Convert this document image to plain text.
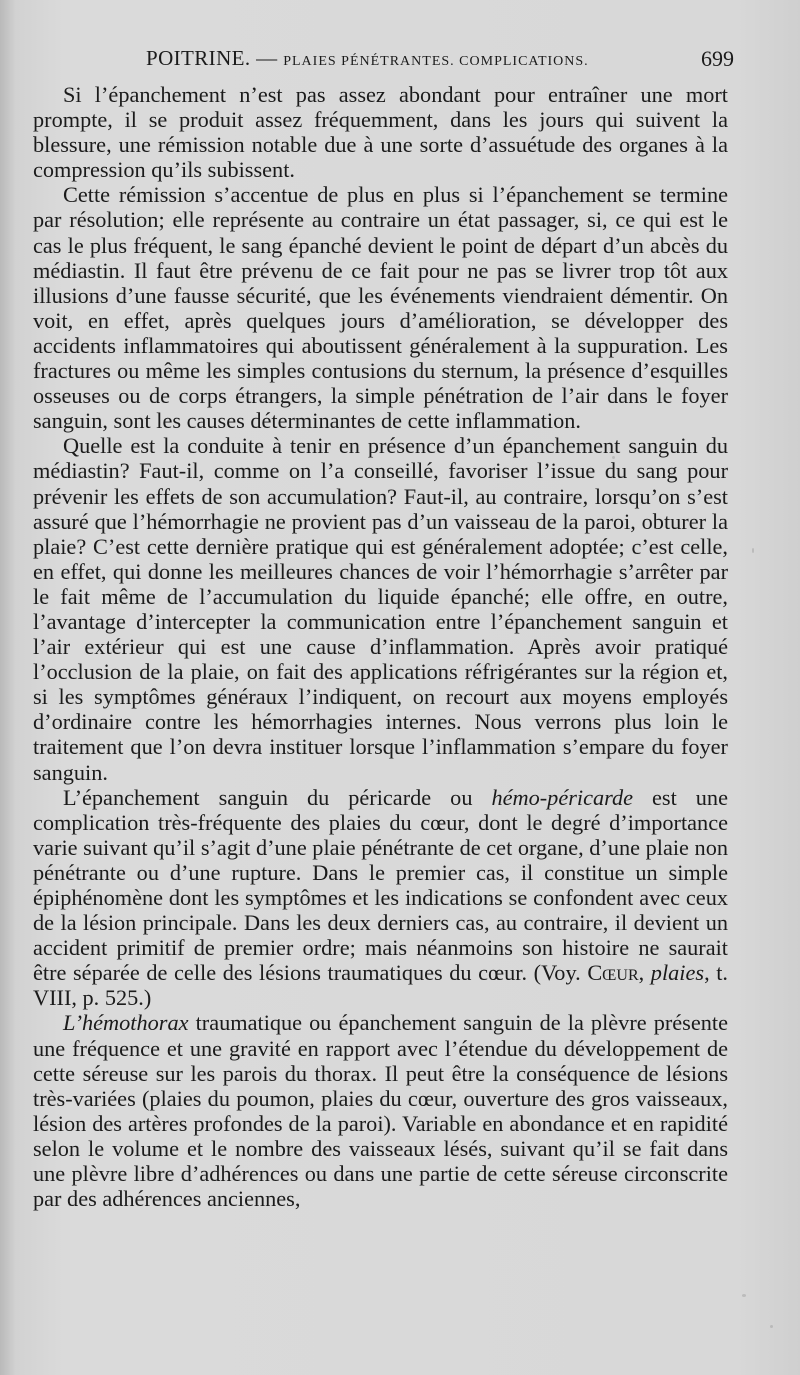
POITRINE. — PLAIES PÉNÉTRANTES. COMPLICATIONS.	699

Si l’épanchement n’est pas assez abondant pour entraîner une mort prompte, il se produit assez fréquemment, dans les jours qui suivent la blessure, une rémission notable due à une sorte d’assuétude des organes à la compression qu’ils subissent.

Cette rémission s’accentue de plus en plus si l’épanchement se termine par résolution; elle représente au contraire un état passager, si, ce qui est le cas le plus fréquent, le sang épanché devient le point de départ d’un abcès du médiastin. Il faut être prévenu de ce fait pour ne pas se livrer trop tôt aux illusions d’une fausse sécurité, que les événements viendraient démentir. On voit, en effet, après quelques jours d’amélioration, se développer des accidents inflammatoires qui aboutissent généralement à la suppuration. Les fractures ou même les simples contusions du sternum, la présence d’esquilles osseuses ou de corps étrangers, la simple pénétration de l’air dans le foyer sanguin, sont les causes déterminantes de cette inflammation.

Quelle est la conduite à tenir en présence d’un épanchement sanguin du médiastin? Faut-il, comme on l’a conseillé, favoriser l’issue du sang pour prévenir les effets de son accumulation? Faut-il, au contraire, lorsqu’on s’est assuré que l’hémorrhagie ne provient pas d’un vaisseau de la paroi, obturer la plaie? C’est cette dernière pratique qui est généralement adoptée; c’est celle, en effet, qui donne les meilleures chances de voir l’hémorrhagie s’arrêter par le fait même de l’accumulation du liquide épanché; elle offre, en outre, l’avantage d’intercepter la communication entre l’épanchement sanguin et l’air extérieur qui est une cause d’inflammation. Après avoir pratiqué l’occlusion de la plaie, on fait des applications réfrigérantes sur la région et, si les symptômes généraux l’indiquent, on recourt aux moyens employés d’ordinaire contre les hémorrhagies internes. Nous verrons plus loin le traitement que l’on devra instituer lorsque l’inflammation s’empare du foyer sanguin.

L’épanchement sanguin du péricarde ou hémo-péricarde est une complication très-fréquente des plaies du cœur, dont le degré d’importance varie suivant qu’il s’agit d’une plaie pénétrante de cet organe, d’une plaie non pénétrante ou d’une rupture. Dans le premier cas, il constitue un simple épiphénomène dont les symptômes et les indications se confondent avec ceux de la lésion principale. Dans les deux derniers cas, au contraire, il devient un accident primitif de premier ordre; mais néanmoins son histoire ne saurait être séparée de celle des lésions traumatiques du cœur. (Voy. Cœur, plaies, t. VIII, p. 525.)

L’hémothorax traumatique ou épanchement sanguin de la plèvre présente une fréquence et une gravité en rapport avec l’étendue du développement de cette séreuse sur les parois du thorax. Il peut être la conséquence de lésions très-variées (plaies du poumon, plaies du cœur, ouverture des gros vaisseaux, lésion des artères profondes de la paroi). Variable en abondance et en rapidité selon le volume et le nombre des vaisseaux lésés, suivant qu’il se fait dans une plèvre libre d’adhérences ou dans une partie de cette séreuse circonscrite par des adhérences anciennes,
